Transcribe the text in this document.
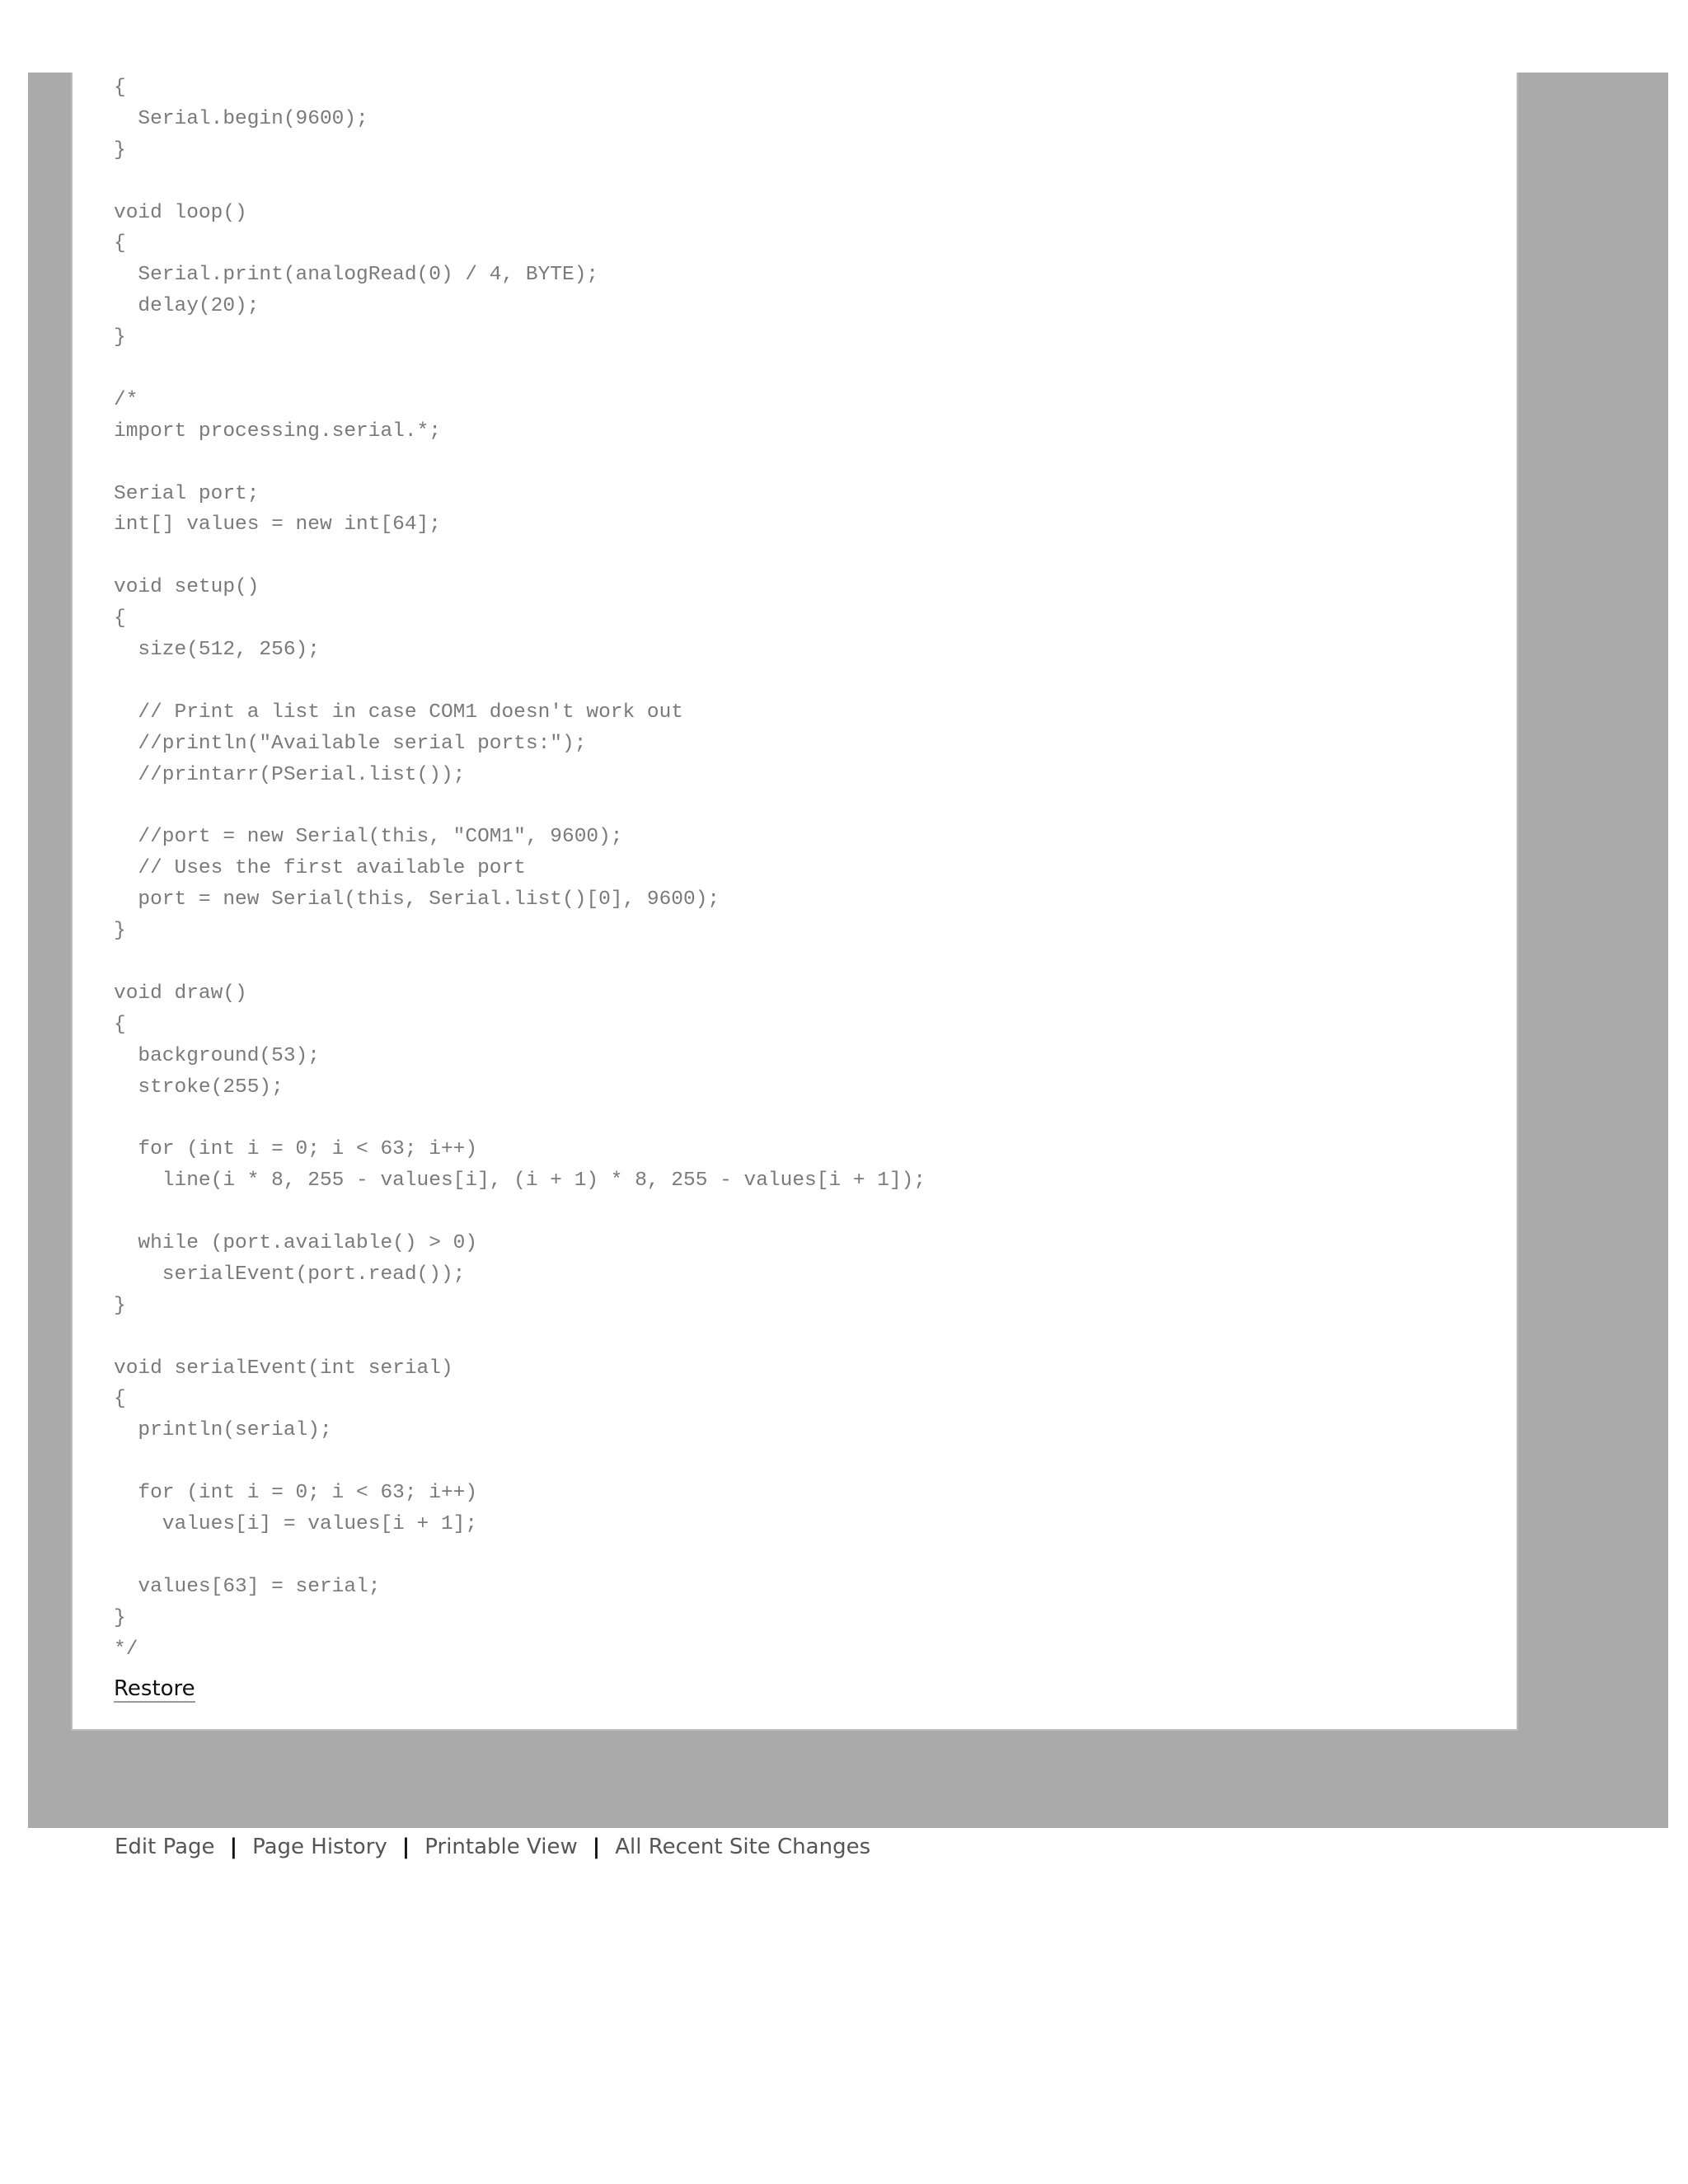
{
Serial.begin(9600);
}
void loop()
{
Serial.print(analogRead(0) / 4, BYTE);
delay(20);
}
/*
import processing.serial.*;
Serial port;
int[] values = new int[64];
void setup()
{
size(512, 256);
// Print a list in case COM1 doesn't work out
//println("Available serial ports:");
//printarr(PSerial.list());
//port = new Serial(this, "COM1", 9600);
// Uses the first available port
port = new Serial(this, Serial.list()[0], 9600);
}
void draw()
{
background(53);
stroke(255);
for (int i = 0; i < 63; i++)
line(i * 8, 255 - values[i], (i + 1) * 8, 255 - values[i + 1]);
while (port.available() > 0)
serialEvent(port.read());
}
void serialEvent(int serial)
{
println(serial);
for (int i = 0; i < 63; i++)
values[i] = values[i + 1];
values[63] = serial;
}
*/
Restore
Edit Page | Page History | Printable View | All Recent Site Changes
